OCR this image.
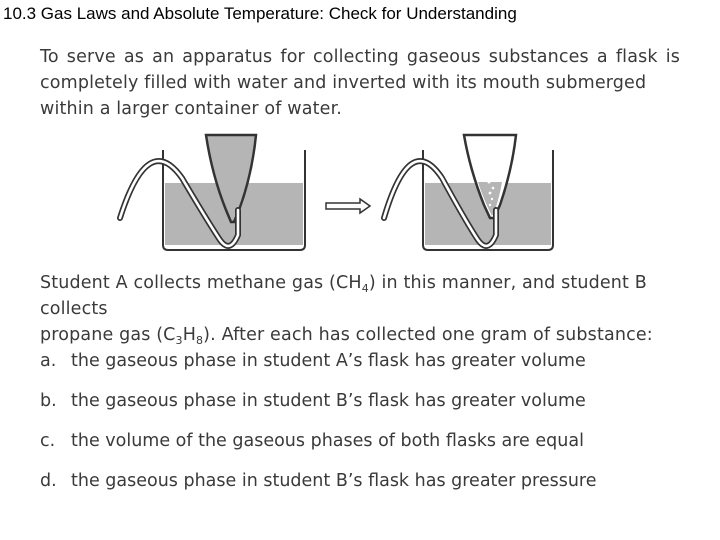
10.3 Gas Laws and Absolute Temperature: Check for Understanding
To serve as an apparatus for collecting gaseous substances a flask is completely filled with water and inverted with its mouth submerged
within a larger container of water.
Student A collects methane gas $(CH_4)$ in this manner, and student B collects
propane gas $(C_3H_8)$. After each has collected one gram of substance:
a. the gaseous phase in student A’s flask has greater volume
b. the gaseous phase in student B’s flask has greater volume
c. the volume of the gaseous phases of both flasks are equal
d. the gaseous phase in student B’s flask has greater pressure
